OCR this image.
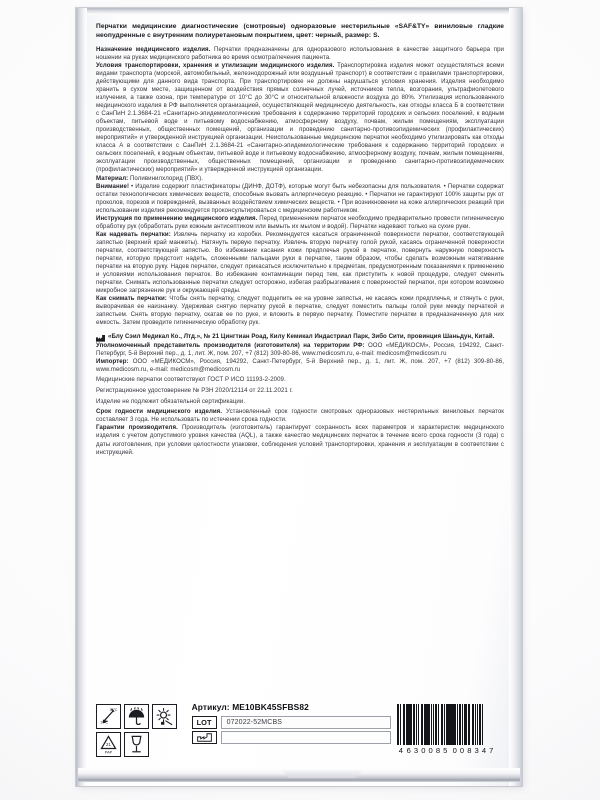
Перчатки медицинские диагностические (смотровые) одноразовые нестерильные «SAF&TY» виниловые гладкие неопудренные с внутренним полиуретановым покрытием, цвет: черный, размер: S.

Назначение медицинского изделия. Перчатки предназначены для одноразового использования в качестве защитного барьера при ношении на руках медицинского работника во время осмотра/лечения пациента.

Условия транспортировки, хранения и утилизации медицинского изделия. Транспортировка изделия может осуществляться всеми видами транспорта (морской, автомобильный, железнодорожный или воздушный транспорт) в соответствии с правилами транспортировки, действующими для данного вида транспорта. При транспортировке не должны нарушаться условия хранения. Изделия необходимо хранить в сухом месте, защищенном от воздействия прямых солнечных лучей, источников тепла, возгорания, ультрафиолетового излучения, а также озона, при температуре от 10°С до 30°С и относительной влажности воздуха до 80%. Утилизация использованного медицинского изделия в РФ выполняется организацией, осуществляющей медицинскую деятельность, как отходы класса Б в соответствии с СанПиН 2.1.3684-21 «Санитарно-эпидемиологические требования к содержанию территорий городских и сельских поселений, к водным объектам, питьевой воде и питьевому водоснабжению, атмосферному воздуху, почвам, жилым помещениям, эксплуатации производственных, общественных помещений, организации и проведению санитарно-противоэпидемических (профилактических) мероприятий» и утвержденной инструкцией организации. Неиспользованные медицинские перчатки необходимо утилизировать как отходы класса А в соответствии с СанПиН 2.1.3684-21 «Санитарно-эпидемиологические требования к содержанию территорий городских и сельских поселений, к водным объектам, питьевой воде и питьевому водоснабжению, атмосферному воздуху, почвам, жилым помещениям, эксплуатации производственных, общественных помещений, организации и проведению санитарно-противоэпидемических (профилактических) мероприятий» и утвержденной инструкцией организации.

Материал: Поливинилхлорид (ПВХ).

Внимание! • Изделие содержит пластификаторы (ДИНФ, ДОТФ), которые могут быть небезопасны для пользователя. • Перчатки содержат остатки технологических химических веществ, способные вызвать аллергическую реакцию. • Перчатки не гарантируют 100% защиты рук от проколов, порезов и повреждений, вызванных воздействием химических веществ. • При возникновении на коже аллергических реакций при использовании изделия рекомендуется проконсультироваться с медицинским работником.

Инструкция по применению медицинского изделия. Перед применением перчаток необходимо предварительно провести гигиеническую обработку рук (обработать руки кожным антисептиком или вымыть их мылом и водой). Перчатки надевают только на сухие руки.

Как надевать перчатки: Извлечь перчатку из коробки. Рекомендуется касаться ограниченной поверхности перчатки, соответствующей запястью (верхний край манжеты). Натянуть первую перчатку. Извлечь вторую перчатку голой рукой, касаясь ограниченной поверхности перчатки, соответствующей запястью. Во избежание касания кожи предплечья рукой в перчатке, повернуть наружную поверхность перчатки, которую предстоит надеть, сложенными пальцами руки в перчатке, таким образом, чтобы сделать возможным натягивание перчатки на вторую руку. Надев перчатки, следует прикасаться исключительно к предметам, предусмотренным показаниями к применению и условиями использования перчаток. Во избежание контаминации перед тем, как приступить к новой процедуре, следует сменить перчатки. Снимать использованные перчатки следует осторожно, избегая разбрызгивания с поверхностей перчатки, при котором возможно микробное загрязнение рук и окружающей среды.

Как снимать перчатки: Чтобы снять перчатку, следует подцепить ее на уровне запястья, не касаясь кожи предплечья, и стянуть с руки, выворачивая ее наизнанку. Удерживая снятую перчатку рукой в перчатке, следует поместить пальцы голой руки между перчаткой и запястьем. Снять вторую перчатку, скатав ее по руке, и вложить в первую перчатку. Поместите перчатки в предназначенную для них емкость. Затем проведите гигиеническую обработку рук.

«Блу Сэил Медикал Ко., Лтд.», № 21 Цингтиан Роад, Килу Кемикал Индастриал Парк, Зибо Сити, провинция Шаньдун, Китай.

Уполномоченный представитель производителя (изготовителя) на территории РФ: ООО «МЕДИКОСМ», Россия, 194292, Санкт-Петербург, 5-й Верхний пер., д. 1, лит. Ж, пом. 207, +7 (812) 309-80-86, www.medicosm.ru, e-mail: medicosm@medicosm.ru

Импортер: ООО «МЕДИКОСМ», Россия, 194292, Санкт-Петербург, 5-й Верхний пер., д. 1, лит. Ж, пом. 207, +7 (812) 309-80-86, www.medicosm.ru, e-mail: medicosm@medicosm.ru

Медицинские перчатки соответствуют ГОСТ Р ИСО 11193-2-2009.

Регистрационное удостоверение № РЗН 2020/12114 от 22.11.2021 г.

Изделие не подлежит обязательной сертификации.

Срок годности медицинского изделия. Установленный срок годности смотровых одноразовых нестерильных виниловых перчаток составляет 3 года. Не использовать по истечении срока годности.

Гарантии производителя. Производитель (изготовитель) гарантирует сохранность всех параметров и характеристик медицинского изделия с учетом допустимого уровня качества (AQL), а также качество медицинских перчаток в течение всего срока годности (3 года) с даты изготовления, при условии целостности упаковки, соблюдения условий транспортировки, хранения и эксплуатации в соответствии с инструкцией.

10°C
30°C
21
PAP
Артикул: ME10BK45SFBS82
LOT	072022-52MCBS
4 630085 008347
